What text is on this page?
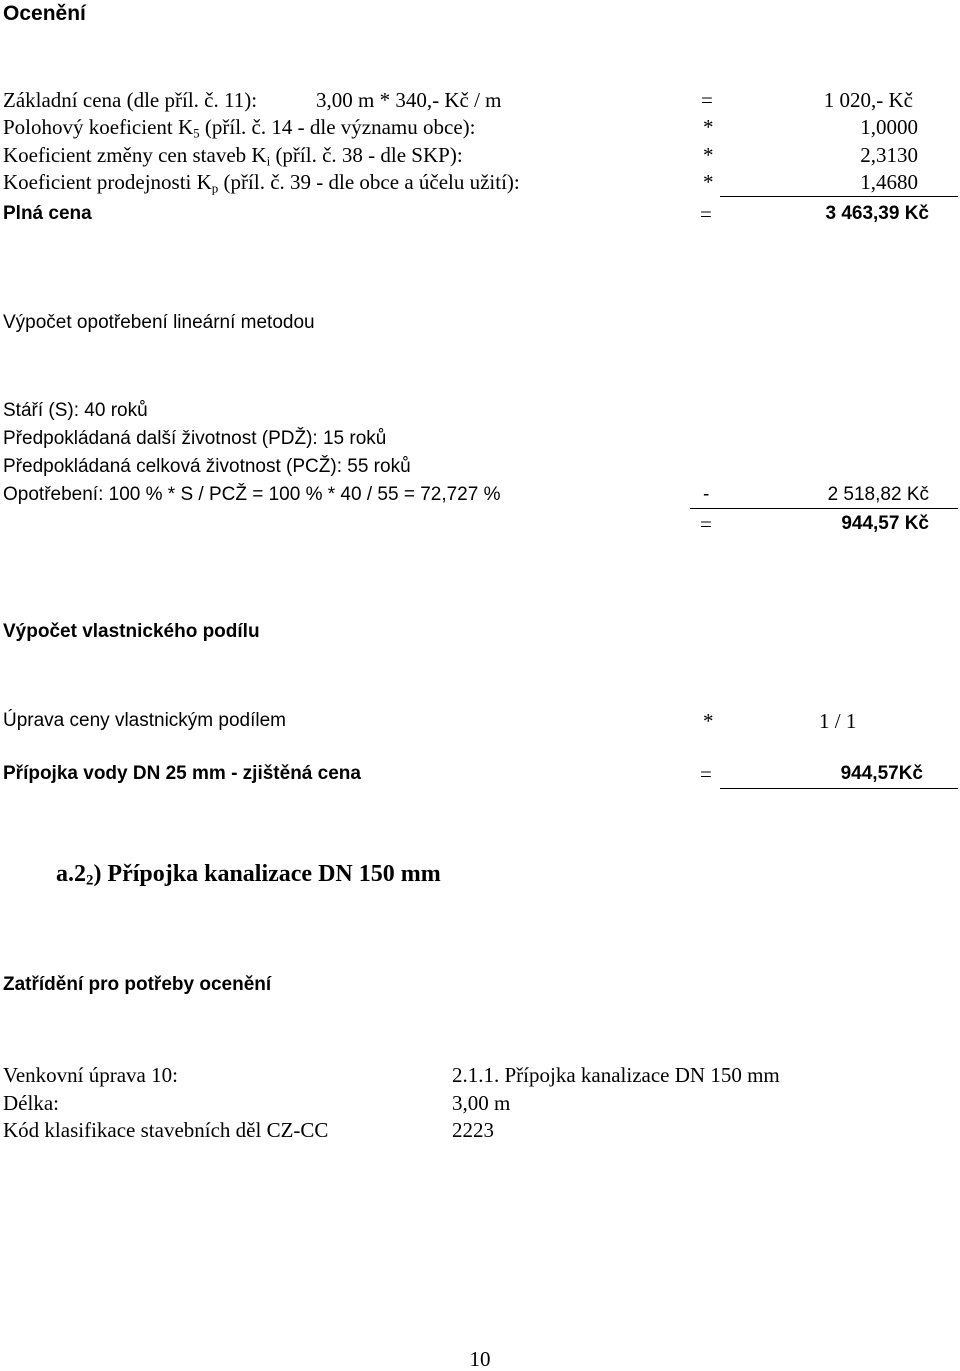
Ocenění
Základní cena (dle příl. č. 11):	3,00 m * 340,- Kč / m	=	1 020,- Kč
Polohový koeficient $K_5$ (příl. č. 14 - dle významu obce):	*	1,0000
Koeficient změny cen staveb $K_i$ (příl. č. 38 - dle SKP):	*	2,3130
Koeficient prodejnosti $K_p$ (příl. č. 39 - dle obce a účelu užití):	*	1,4680
Plná cena	=	3 463,39 Kč
Výpočet opotřebení lineární metodou
Stáří (S): 40 roků
Předpokládaná další životnost (PDŽ): 15 roků
Předpokládaná celková životnost (PCŽ): 55 roků
Opotřebení: 100 % * S / PCŽ = 100 % * 40 / 55 = 72,727 %	-	2 518,82 Kč
=	944,57 Kč
Výpočet vlastnického podílu
Úprava ceny vlastnickým podílem	*	1 / 1
Přípojka vody DN 25 mm - zjištěná cena	=	944,57Kč
$a.2_2$) Přípojka kanalizace DN 150 mm
Zatřídění pro potřeby ocenění
Venkovní úprava 10:	2.1.1. Přípojka kanalizace DN 150 mm
Délka:	3,00 m
Kód klasifikace stavebních děl CZ-CC	2223
10
